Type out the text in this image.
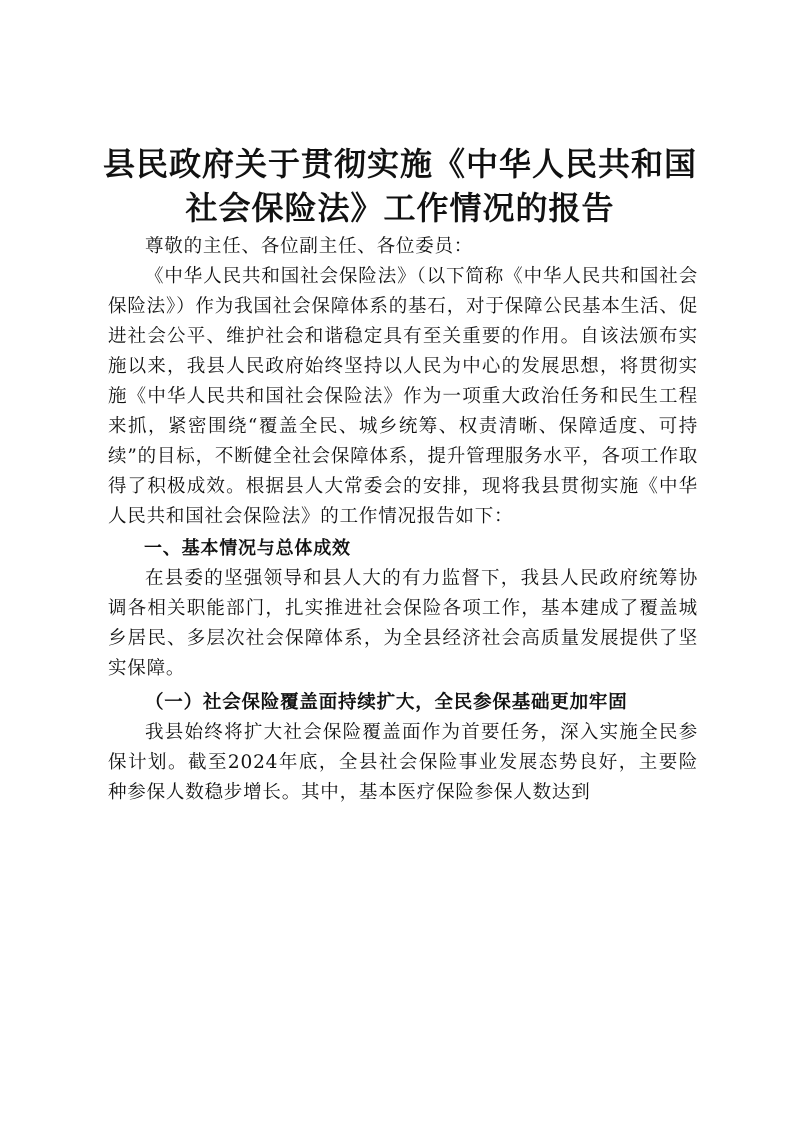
县民政府关于贯彻实施《中华人民共和国社会保险法》工作情况的报告

尊敬的主任、各位副主任、各位委员：

《中华人民共和国社会保险法》（以下简称《中华人民共和国社会保险法》）作为我国社会保障体系的基石，对于保障公民基本生活、促进社会公平、维护社会和谐稳定具有至关重要的作用。自该法颁布实施以来，我县人民政府始终坚持以人民为中心的发展思想，将贯彻实施《中华人民共和国社会保险法》作为一项重大政治任务和民生工程来抓，紧密围绕“覆盖全民、城乡统筹、权责清晰、保障适度、可持续”的目标，不断健全社会保障体系，提升管理服务水平，各项工作取得了积极成效。根据县人大常委会的安排，现将我县贯彻实施《中华人民共和国社会保险法》的工作情况报告如下：

一、基本情况与总体成效

在县委的坚强领导和县人大的有力监督下，我县人民政府统筹协调各相关职能部门，扎实推进社会保险各项工作，基本建成了覆盖城乡居民、多层次社会保障体系，为全县经济社会高质量发展提供了坚实保障。

（一）社会保险覆盖面持续扩大，全民参保基础更加牢固

我县始终将扩大社会保险覆盖面作为首要任务，深入实施全民参保计划。截至2024年底，全县社会保险事业发展态势良好，主要险种参保人数稳步增长。其中，基本医疗保险参保人数达到
